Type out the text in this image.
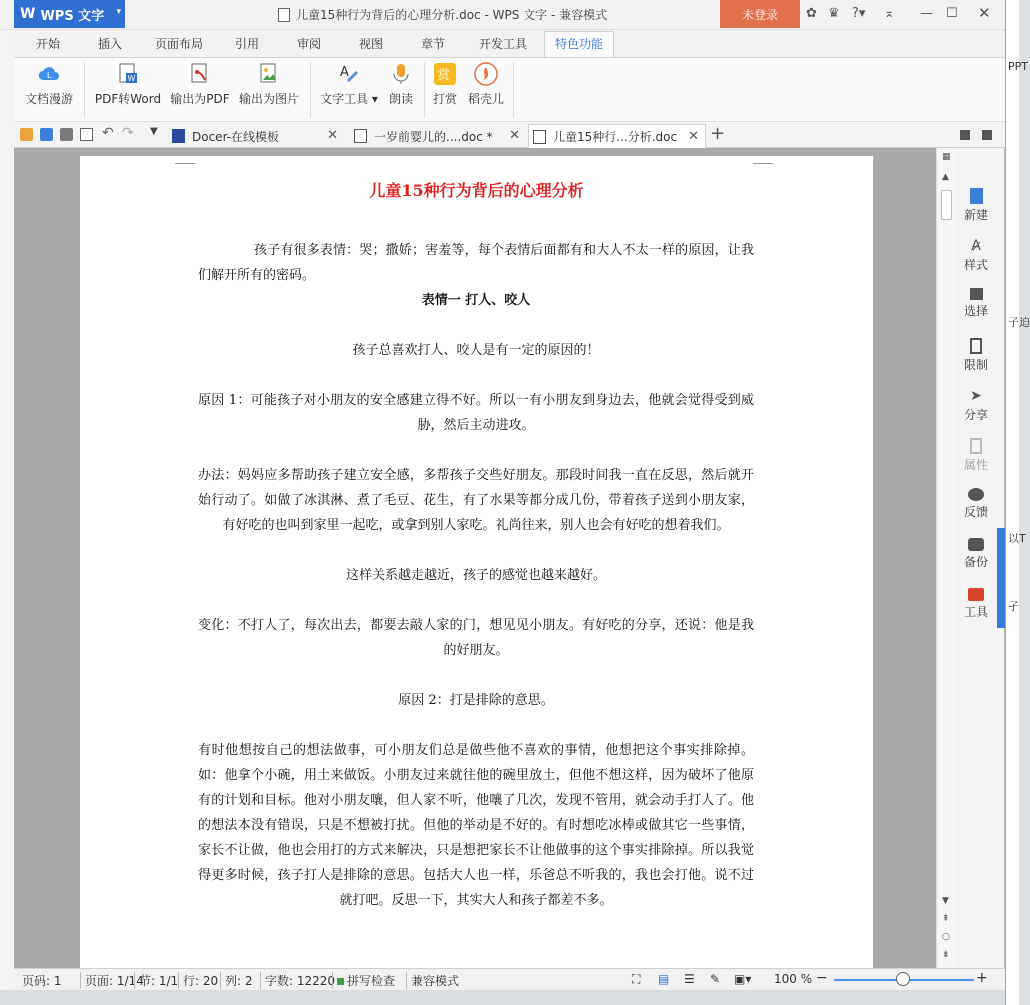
W WPS 文字 ▾	儿童15种行为背后的心理分析.doc - WPS 文字 - 兼容模式	未登录	✿ ♛ ?▾ ⌅ — ☐ ✕
开始	插入	页面布局	引用	审阅	视图	章节	开发工具	特色功能
L
文档漫游
W
PDF转Word 输出为PDF 输出为图片
A
文字工具 ▾ 朗读
赏
打赏 稻壳儿
↶ ↷ ▼	Docer-在线模板	✕	一岁前婴儿的....doc * ✕	儿童15种行...分析.doc ✕ +
儿童15种行为背后的心理分析

孩子有很多表情：哭；撒娇；害羞等，每个表情后面都有和大人不太一样的原因，让我们解开所有的密码。

表情一 打人、咬人

孩子总喜欢打人、咬人是有一定的原因的！

原因 1：可能孩子对小朋友的安全感建立得不好。所以一有小朋友到身边去，他就会觉得受到威胁，然后主动进攻。

办法：妈妈应多帮助孩子建立安全感，多帮孩子交些好朋友。那段时间我一直在反思，然后就开始行动了。如做了冰淇淋、煮了毛豆、花生，有了水果等都分成几份，带着孩子送到小朋友家，有好吃的也叫到家里一起吃，或拿到别人家吃。礼尚往来，别人也会有好吃的想着我们。

这样关系越走越近，孩子的感觉也越来越好。

变化：不打人了，每次出去，都要去敲人家的门，想见见小朋友。有好吃的分享，还说：他是我的好朋友。

原因 2：打是排除的意思。

有时他想按自己的想法做事，可小朋友们总是做些他不喜欢的事情，他想把这个事实排除掉。如：他拿个小碗，用土来做饭。小朋友过来就往他的碗里放土，但他不想这样，因为破坏了他原有的计划和目标。他对小朋友嚷，但人家不听，他嚷了几次，发现不管用，就会动手打人了。他的想法本没有错误，只是不想被打扰。但他的举动是不好的。有时想吃冰棒或做其它一些事情，家长不让做，他也会用打的方式来解决，只是想把家长不让他做事的这个事实排除掉。所以我觉得更多时候，孩子打人是排除的意思。包括大人也一样，乐爸总不听我的，我也会打他。说不过就打吧。反思一下，其实大人和孩子都差不多。

▦
▲
▼
⇞
○
⇟
新建
A̷
样式
选择
限制
➤
分享
属性
反馈
备份
工具
页码: 1	页面: 1/14
节: 1/1 行: 20 列: 2	字数: 12220 拼写检查	兼容模式	⛶ ▤ ☰ ✎ ▣▾ 100 % −	+
PPT
子迫
以T
孑
